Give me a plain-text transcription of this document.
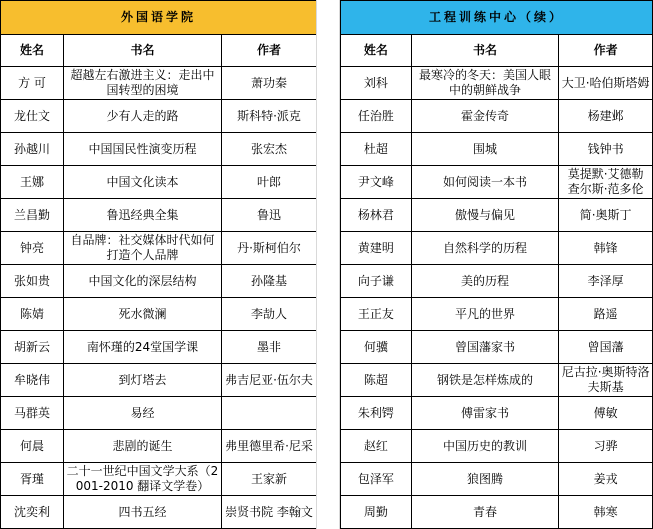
外国语学院		
姓名	书名	作者
方 可	超越左右激进主义：走出中国转型的困境	萧功秦
龙仕文	少有人走的路	斯科特·派克
孙越川	中国国民性演变历程	张宏杰
王娜	中国文化读本	叶郎
兰昌勤	鲁迅经典全集	鲁迅
钟亮	自品牌：社交媒体时代如何打造个人品牌	丹·斯柯伯尔
张如贵	中国文化的深层结构	孙隆基
陈婧	死水微澜	李劼人
胡新云	南怀瑾的24堂国学课	墨非
牟晓伟	到灯塔去	弗吉尼亚·伍尔夫
马群英	易经	
何晨	悲剧的诞生	弗里德里希·尼采
胥瑾	二十一世纪中国文学大系（2001-2010 翻译文学卷）	王家新
沈奕利	四书五经	崇贤书院 李翰文
工程训练中心（续）		
姓名	书名	作者
刘科	最寒冷的冬天：美国人眼中的朝鲜战争	大卫·哈伯斯塔姆
任治胜	霍金传奇	杨建邺
杜超	围城	钱钟书
尹文峰	如何阅读一本书	莫提默·艾德勒 查尔斯·范多伦
杨林君	傲慢与偏见	简·奥斯丁
黄建明	自然科学的历程	韩锋
向子谦	美的历程	李泽厚
王正友	平凡的世界	路遥
何骥	曾国藩家书	曾国藩
陈超	钢铁是怎样炼成的	尼古拉·奥斯特洛夫斯基
朱利锷	傅雷家书	傅敏
赵红	中国历史的教训	习骅
包泽军	狼图腾	姜戎
周勤	青春	韩寒
